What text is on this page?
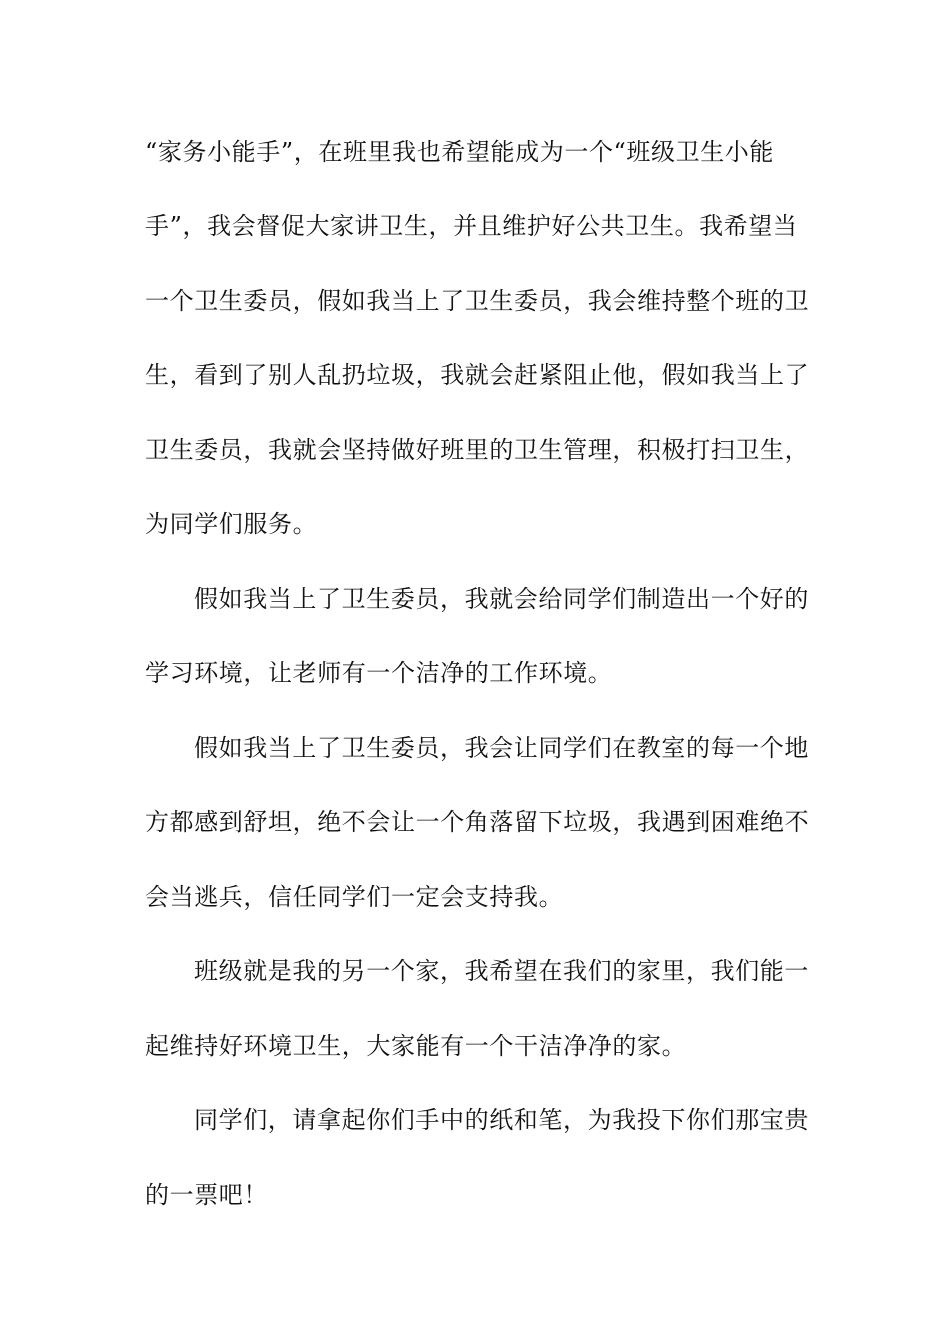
“家务小能手”，在班里我也希望能成为一个“班级卫生小能
手”，我会督促大家讲卫生，并且维护好公共卫生。我希望当
一个卫生委员，假如我当上了卫生委员，我会维持整个班的卫
生，看到了别人乱扔垃圾，我就会赶紧阻止他，假如我当上了
卫生委员，我就会坚持做好班里的卫生管理，积极打扫卫生，
为同学们服务。
假如我当上了卫生委员，我就会给同学们制造出一个好的
学习环境，让老师有一个洁净的工作环境。
假如我当上了卫生委员，我会让同学们在教室的每一个地
方都感到舒坦，绝不会让一个角落留下垃圾，我遇到困难绝不
会当逃兵，信任同学们一定会支持我。
班级就是我的另一个家，我希望在我们的家里，我们能一
起维持好环境卫生，大家能有一个干洁净净的家。
同学们，请拿起你们手中的纸和笔，为我投下你们那宝贵
的一票吧！
